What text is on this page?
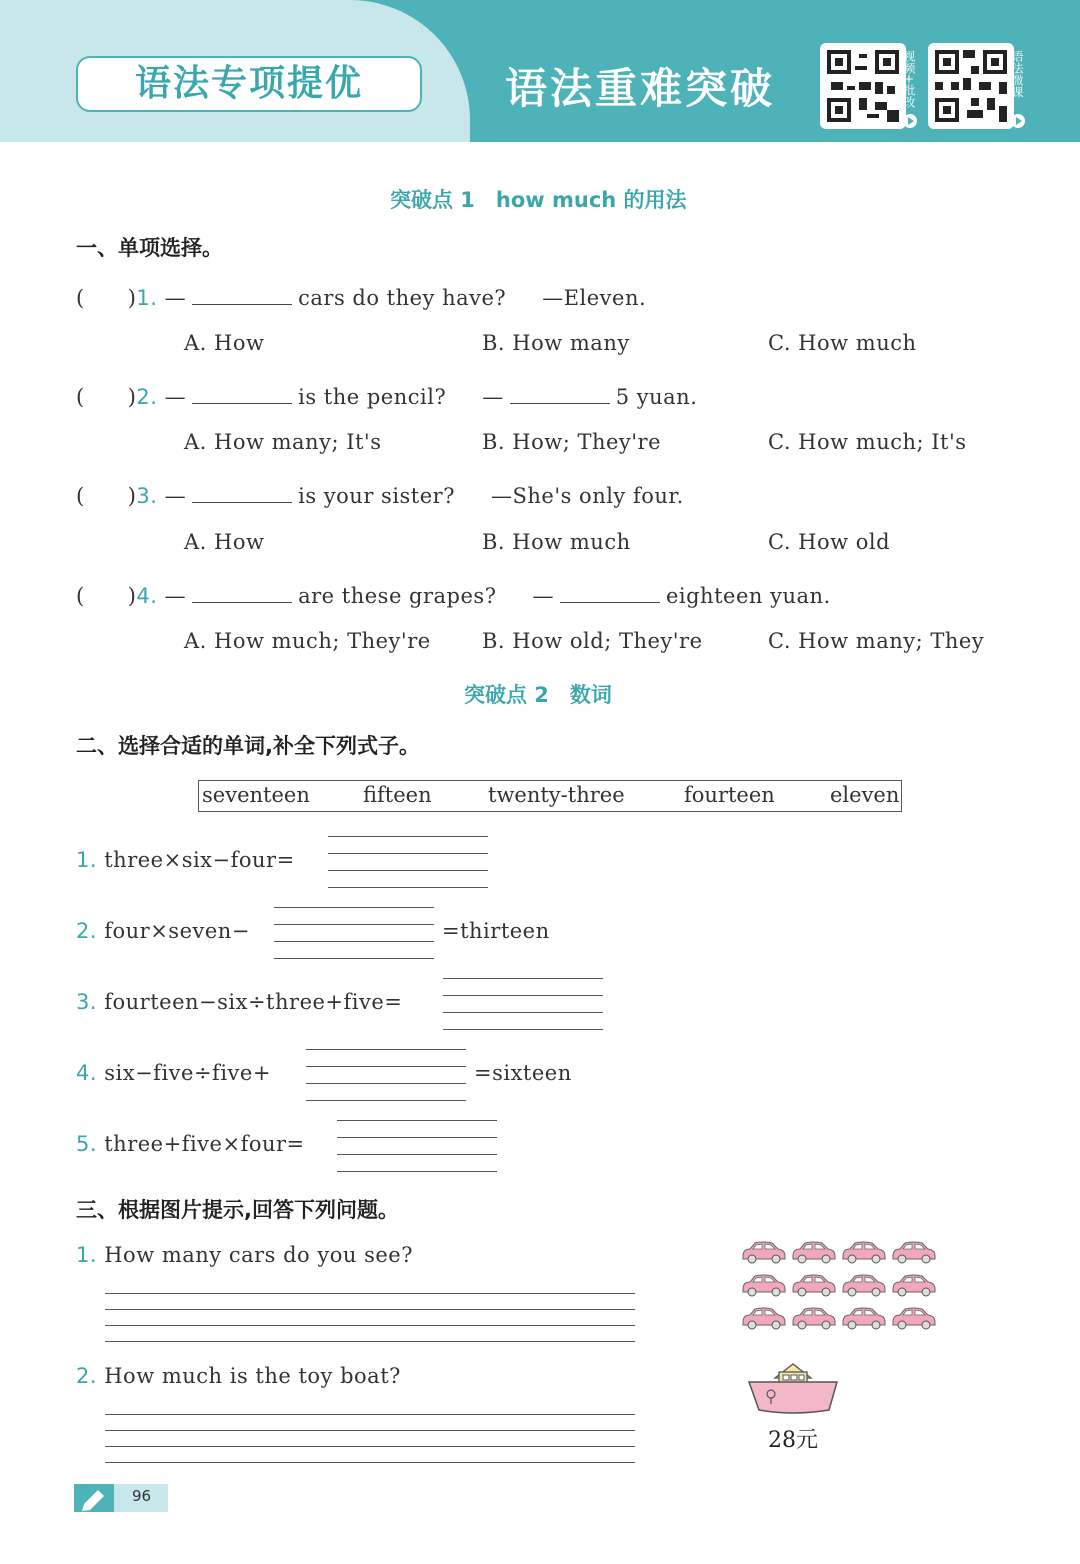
语法专项提优	语法重难突破	视频+批改	语法微课
突破点 1　how much 的用法
一、单项选择。
(　　)1. —	cars do they have? —Eleven.
A. How	B. How many	C. How much
(　　)2. —	is the pencil? —	5 yuan.
A. How many; It's	B. How; They're	C. How much; It's
(　　)3. —	is your sister? —She's only four.
A. How	B. How much	C. How old
(　　)4. —	are these grapes? —	eighteen yuan.
A. How much; They're B. How old; They're	C. How many; They
突破点 2　数词
二、选择合适的单词,补全下列式子。
seventeen	fifteen	twenty-three	fourteen	eleven
1. three×six−four=
2. four×seven−	=thirteen
3. fourteen−six÷three+five=
4. six−five÷five+	=sixteen
5. three+five×four=
三、根据图片提示,回答下列问题。
1. How many cars do you see?
2. How much is the toy boat?
28元
96
